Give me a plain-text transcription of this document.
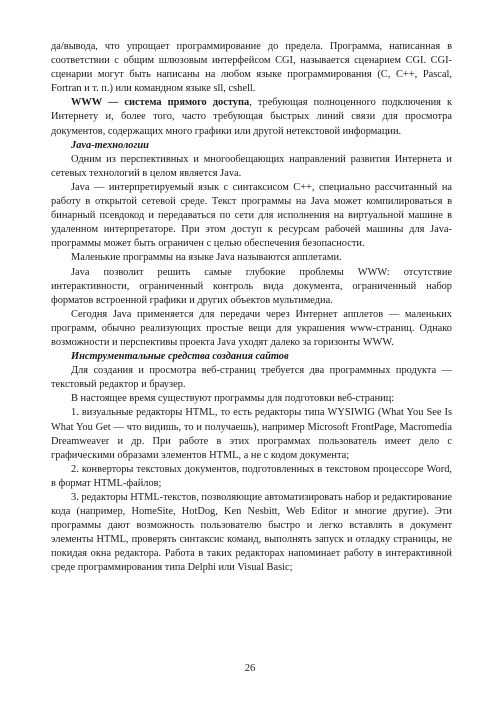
да/вывода, что упрощает программирование до предела. Программа, написанная в соответствии с общим шлюзовым интерфейсом CGI, называется сценарием CGI. CGI-сценарии могут быть написаны на любом языке программирования (С, С++, Pascal, Fortran и т. п.) или командном языке sll, cshell.

WWW — система прямого доступа, требующая полноценного подключения к Интернету и, более того, часто требующая быстрых линий связи для просмотра документов, содержащих много графики или другой нетекстовой информации.

Java-технологии

Одним из перспективных и многообещающих направлений развития Интернета и сетевых технологий в целом является Java.

Java — интерпретируемый язык с синтаксисом С++, специально рассчитанный на работу в открытой сетевой среде. Текст программы на Java может компилироваться в бинарный псевдокод и передаваться по сети для исполнения на виртуальной машине в удаленном интерпретаторе. При этом доступ к ресурсам рабочей машины для Java-программы может быть ограничен с целью обеспечения безопасности.

Маленькие программы на языке Java называются апплетами.

Java позволит решить самые глубокие проблемы WWW: отсутствие интерактивности, ограниченный контроль вида документа, ограниченный набор форматов встроенной графики и других объектов мультимедиа.

Сегодня Java применяется для передачи через Интернет апплетов — маленьких программ, обычно реализующих простые вещи для украшения www-страниц. Однако возможности и перспективы проекта Java уходят далеко за горизонты WWW.

Инструментальные средства создания сайтов

Для создания и просмотра веб-страниц требуется два программных продукта — текстовый редактор и браузер.

В настоящее время существуют программы для подготовки веб-страниц:

1. визуальные редакторы HTML, то есть редакторы типа WYSIWIG (What You See Is What You Get — что видишь, то и получаешь), например Microsoft FrontPage, Macromedia Dreamweaver и др. При работе в этих программах пользователь имеет дело с графическими образами элементов HTML, а не с кодом документа;

2. конверторы текстовых документов, подготовленных в текстовом процессоре Word, в формат HTML-файлов;

3. редакторы HTML-текстов, позволяющие автоматизировать набор и редактирование кода (например, HomeSite, HotDog, Ken Nesbitt, Web Editor и многие другие). Эти программы дают возможность пользователю быстро и легко вставлять в документ элементы HTML, проверять синтаксис команд, выполнять запуск и отладку страницы, не покидая окна редактора. Работа в таких редакторах напоминает работу в интерактивной среде программирования типа Delphi или Visual Basic;

26
